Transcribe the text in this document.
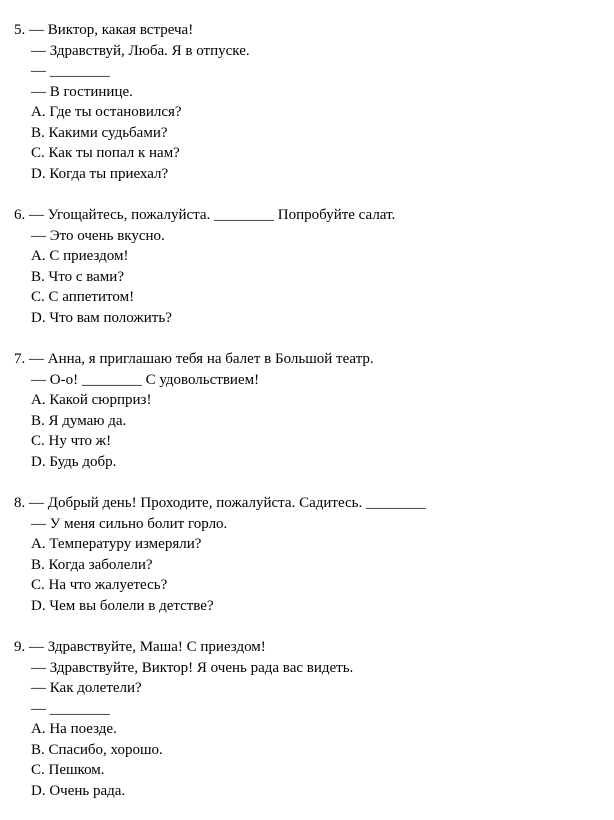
5. — Виктор, какая встреча!
— Здравствуй, Люба. Я в отпуске.
— ________
— В гостинице.
A. Где ты остановился?
B. Какими судьбами?
C. Как ты попал к нам?
D. Когда ты приехал?
6. — Угощайтесь, пожалуйста. ________ Попробуйте салат.
— Это очень вкусно.
A. С приездом!
B. Что с вами?
C. С аппетитом!
D. Что вам положить?
7. — Анна, я приглашаю тебя на балет в Большой театр.
— О-о! ________ С удовольствием!
A. Какой сюрприз!
B. Я думаю да.
C. Ну что ж!
D. Будь добр.
8. — Добрый день! Проходите, пожалуйста. Садитесь. ________
— У меня сильно болит горло.
A. Температуру измеряли?
B. Когда заболели?
C. На что жалуетесь?
D. Чем вы болели в детстве?
9. — Здравствуйте, Маша! С приездом!
— Здравствуйте, Виктор! Я очень рада вас видеть.
— Как долетели?
— ________
A. На поезде.
B. Спасибо, хорошо.
C. Пешком.
D. Очень рада.
